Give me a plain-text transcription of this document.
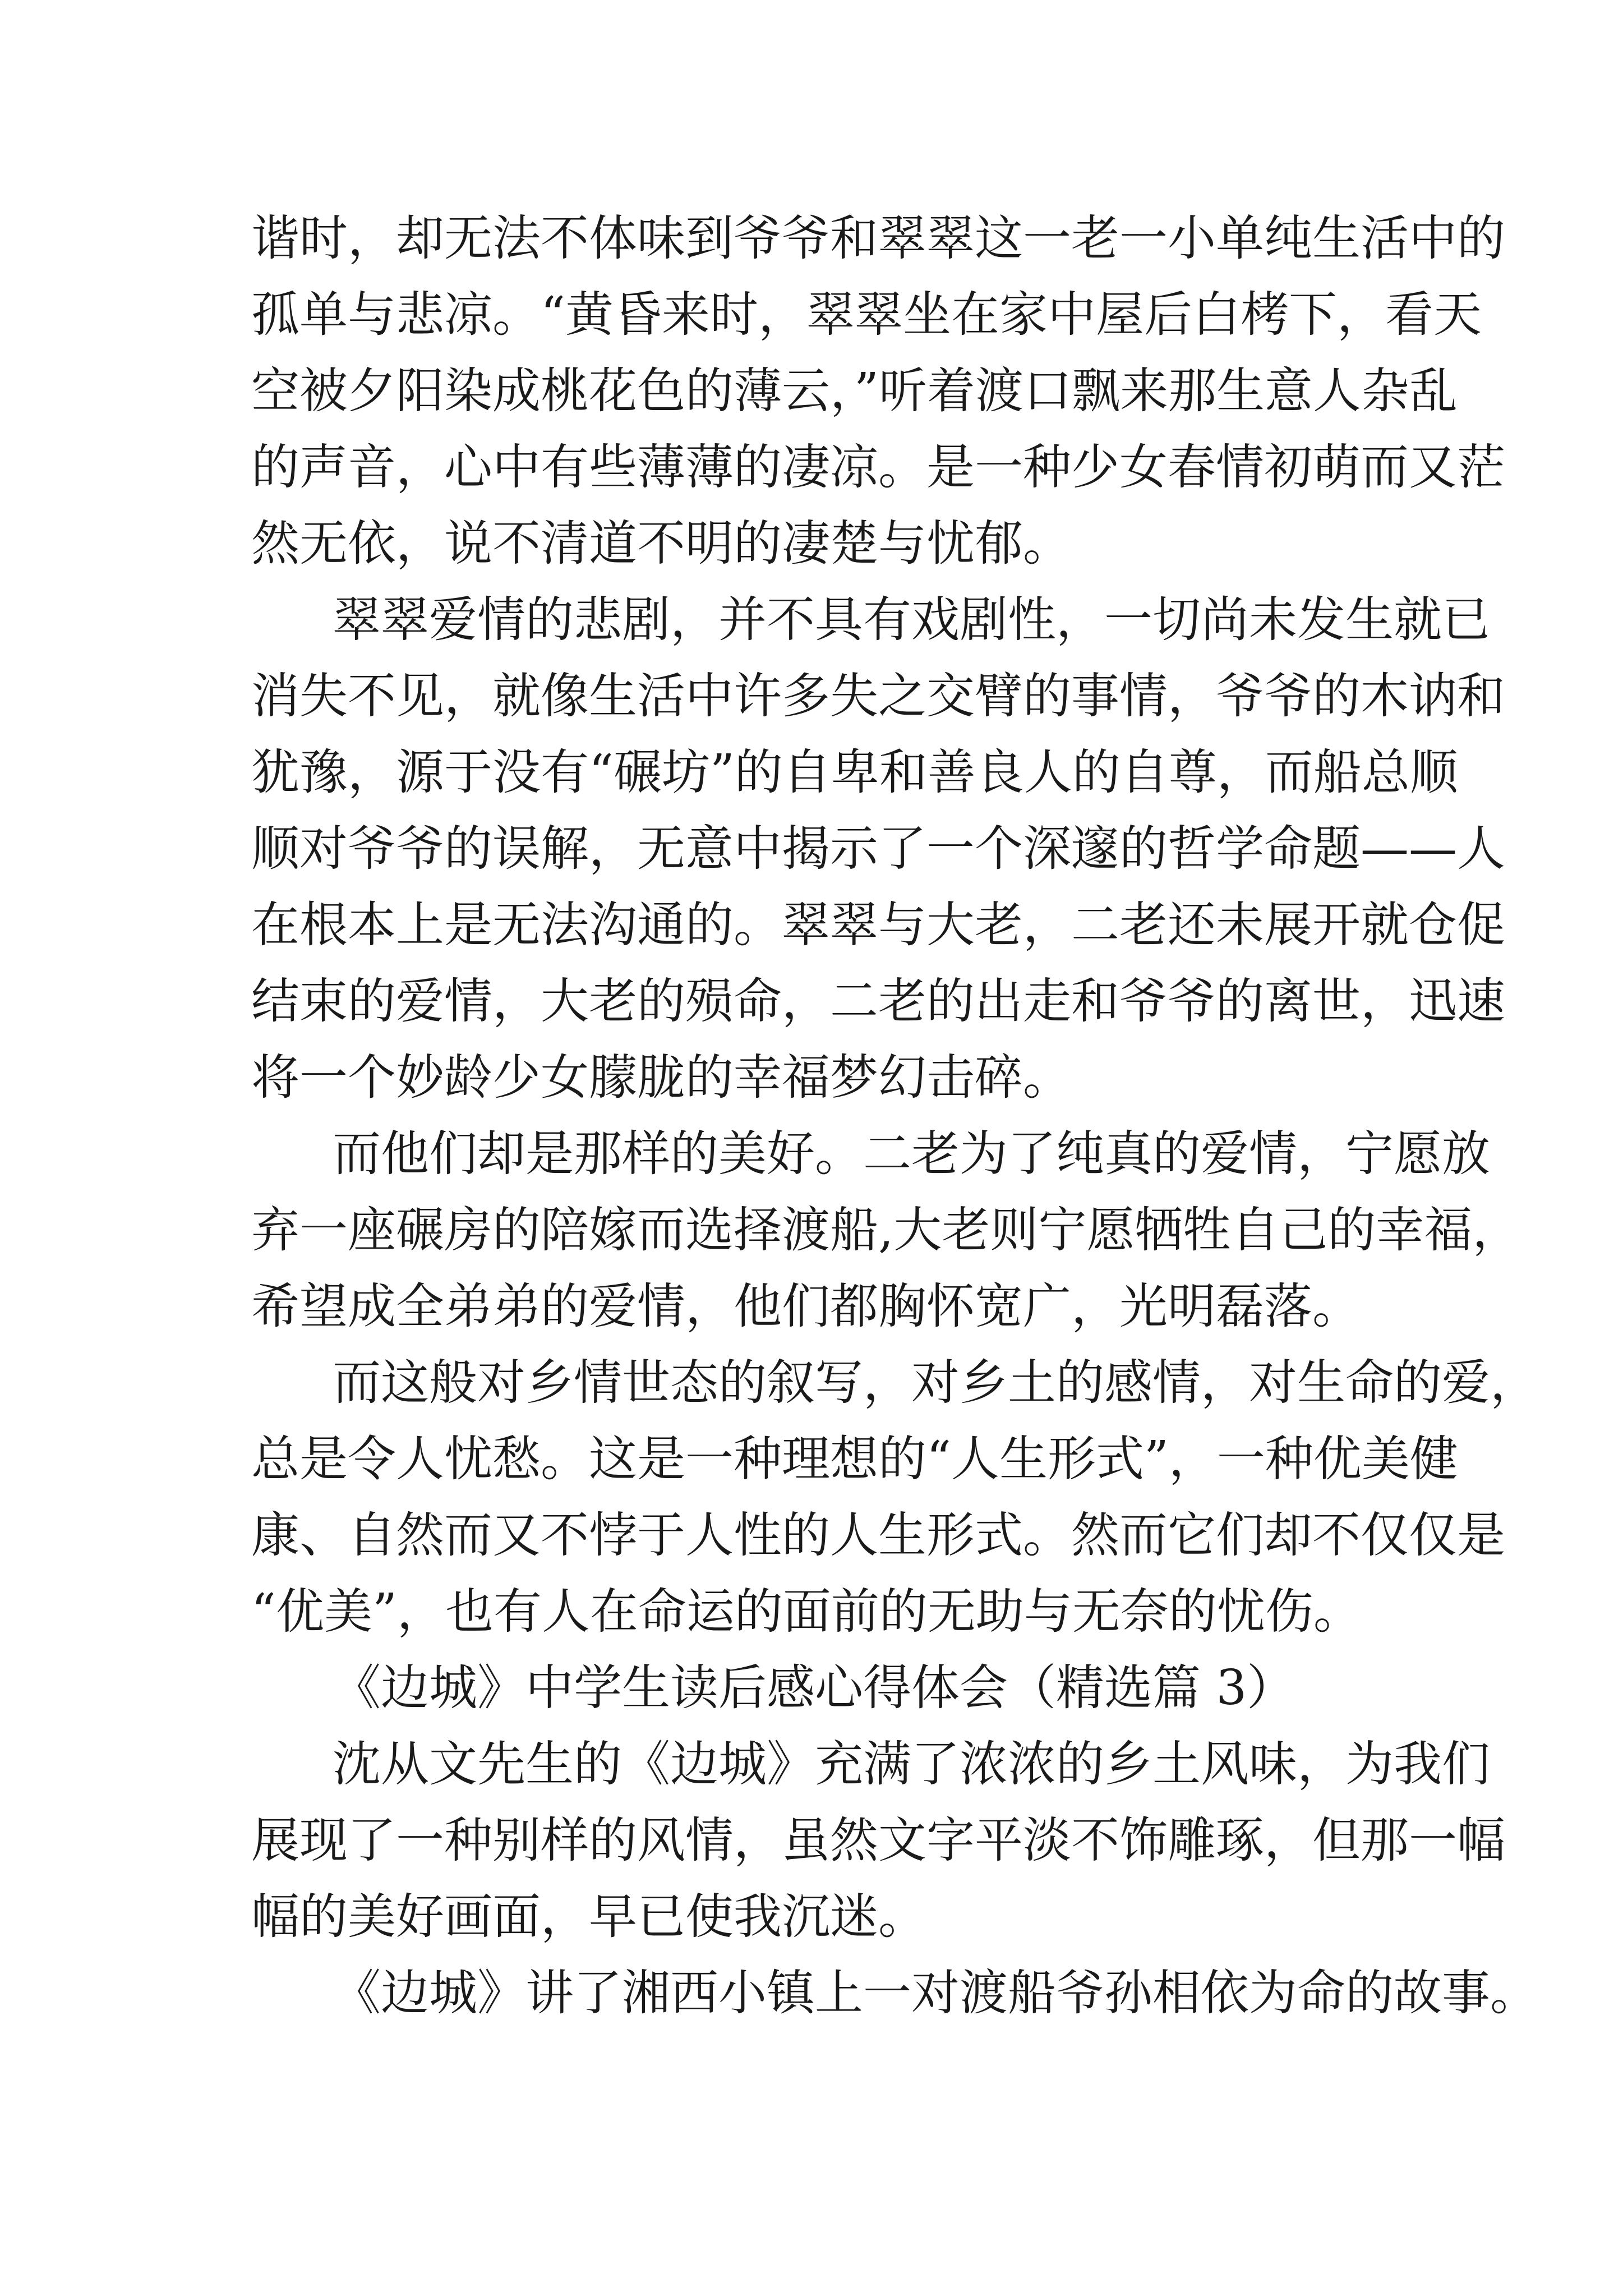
谐时，却无法不体味到爷爷和翠翠这一老一小单纯生活中的
孤单与悲凉。“黄昏来时，翠翠坐在家中屋后白栲下，看天
空被夕阳染成桃花色的薄云，”听着渡口飘来那生意人杂乱
的声音，心中有些薄薄的凄凉。是一种少女春情初萌而又茫
然无依，说不清道不明的凄楚与忧郁。
翠翠爱情的悲剧，并不具有戏剧性，一切尚未发生就已
消失不见，就像生活中许多失之交臂的事情，爷爷的木讷和
犹豫，源于没有“碾坊”的自卑和善良人的自尊，而船总顺
顺对爷爷的误解，无意中揭示了一个深邃的哲学命题——人
在根本上是无法沟通的。翠翠与大老，二老还未展开就仓促
结束的爱情，大老的殒命，二老的出走和爷爷的离世，迅速
将一个妙龄少女朦胧的幸福梦幻击碎。
而他们却是那样的美好。二老为了纯真的爱情，宁愿放
弃一座碾房的陪嫁而选择渡船,大老则宁愿牺牲自己的幸福，
希望成全弟弟的爱情，他们都胸怀宽广，光明磊落。
而这般对乡情世态的叙写，对乡土的感情，对生命的爱，
总是令人忧愁。这是一种理想的“人生形式”，一种优美健
康、自然而又不悖于人性的人生形式。然而它们却不仅仅是
“优美”，也有人在命运的面前的无助与无奈的忧伤。
《边城》中学生读后感心得体会（精选篇 3）
沈从文先生的《边城》充满了浓浓的乡土风味，为我们
展现了一种别样的风情，虽然文字平淡不饰雕琢，但那一幅
幅的美好画面，早已使我沉迷。
《边城》讲了湘西小镇上一对渡船爷孙相依为命的故事。
